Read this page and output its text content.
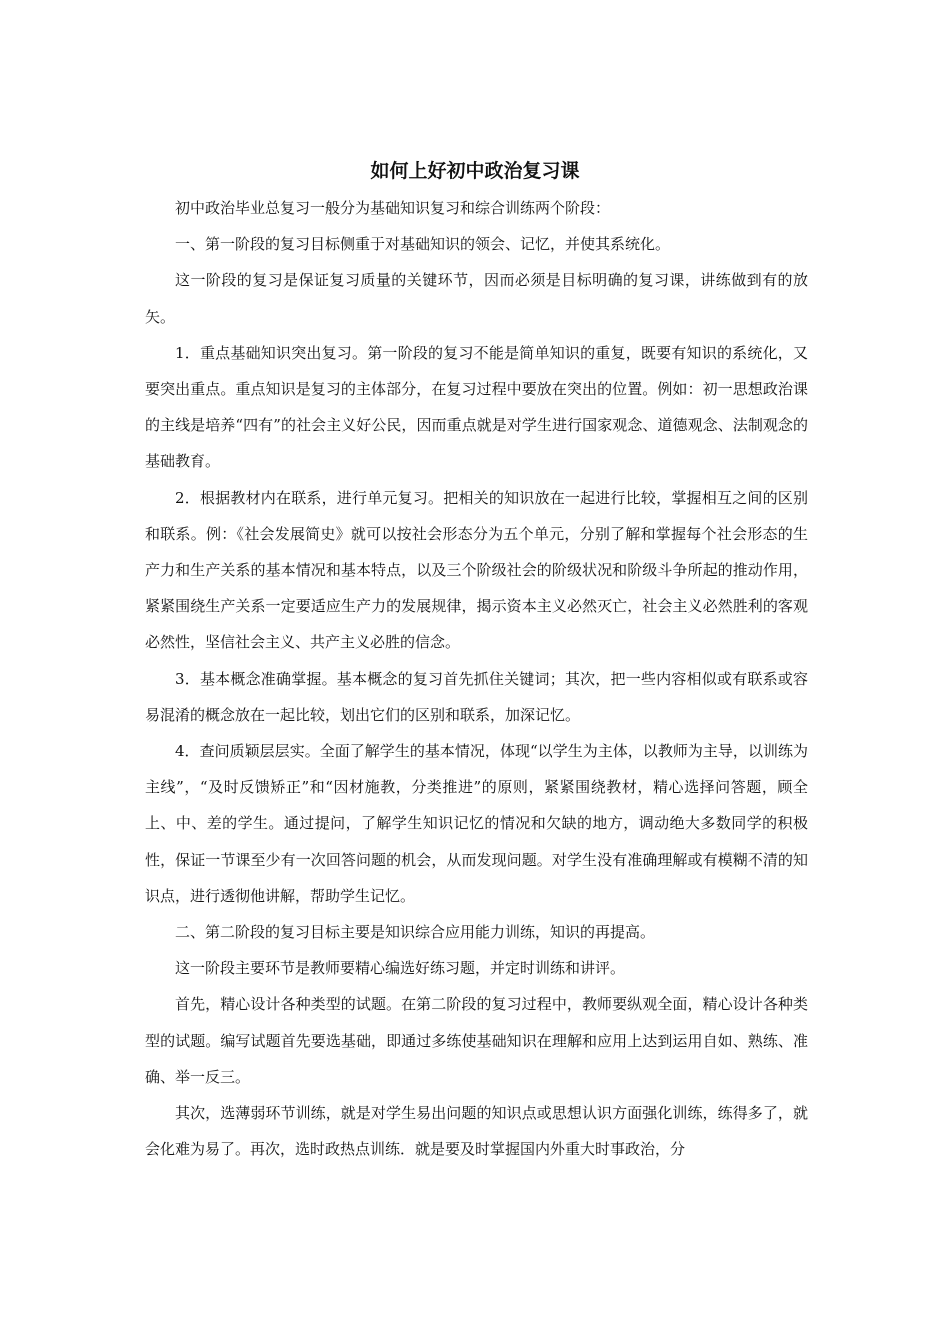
如何上好初中政治复习课

初中政治毕业总复习一般分为基础知识复习和综合训练两个阶段：

一、第一阶段的复习目标侧重于对基础知识的领会、记忆，并使其系统化。

这一阶段的复习是保证复习质量的关键环节，因而必须是目标明确的复习课，讲练做到有的放矢。

1．重点基础知识突出复习。第一阶段的复习不能是简单知识的重复，既要有知识的系统化，又要突出重点。重点知识是复习的主体部分，在复习过程中要放在突出的位置。例如：初一思想政治课的主线是培养“四有”的社会主义好公民，因而重点就是对学生进行国家观念、道德观念、法制观念的基础教育。

2．根据教材内在联系，进行单元复习。把相关的知识放在一起进行比较，掌握相互之间的区别和联系。例：《社会发展简史》就可以按社会形态分为五个单元，分别了解和掌握每个社会形态的生产力和生产关系的基本情况和基本特点，以及三个阶级社会的阶级状况和阶级斗争所起的推动作用，紧紧围绕生产关系一定要适应生产力的发展规律，揭示资本主义必然灭亡，社会主义必然胜利的客观必然性，坚信社会主义、共产主义必胜的信念。

3．基本概念准确掌握。基本概念的复习首先抓住关键词；其次，把一些内容相似或有联系或容易混淆的概念放在一起比较，划出它们的区别和联系，加深记忆。

4．查问质颖层层实。全面了解学生的基本情况，体现“以学生为主体，以教师为主导，以训练为主线”，“及时反馈矫正”和“因材施教，分类推进”的原则，紧紧围绕教材，精心选择问答题，顾全上、中、差的学生。通过提问，了解学生知识记忆的情况和欠缺的地方，调动绝大多数同学的积极性，保证一节课至少有一次回答问题的机会，从而发现问题。对学生没有准确理解或有模糊不清的知识点，进行透彻他讲解，帮助学生记忆。

二、第二阶段的复习目标主要是知识综合应用能力训练，知识的再提高。

这一阶段主要环节是教师要精心编选好练习题，并定时训练和讲评。

首先，精心设计各种类型的试题。在第二阶段的复习过程中，教师要纵观全面，精心设计各种类型的试题。编写试题首先要选基础，即通过多练使基础知识在理解和应用上达到运用自如、熟练、准确、举一反三。

其次，选薄弱环节训练，就是对学生易出问题的知识点或思想认识方面强化训练，练得多了，就会化难为易了。再次，选时政热点训练．就是要及时掌握国内外重大时事政治，分
